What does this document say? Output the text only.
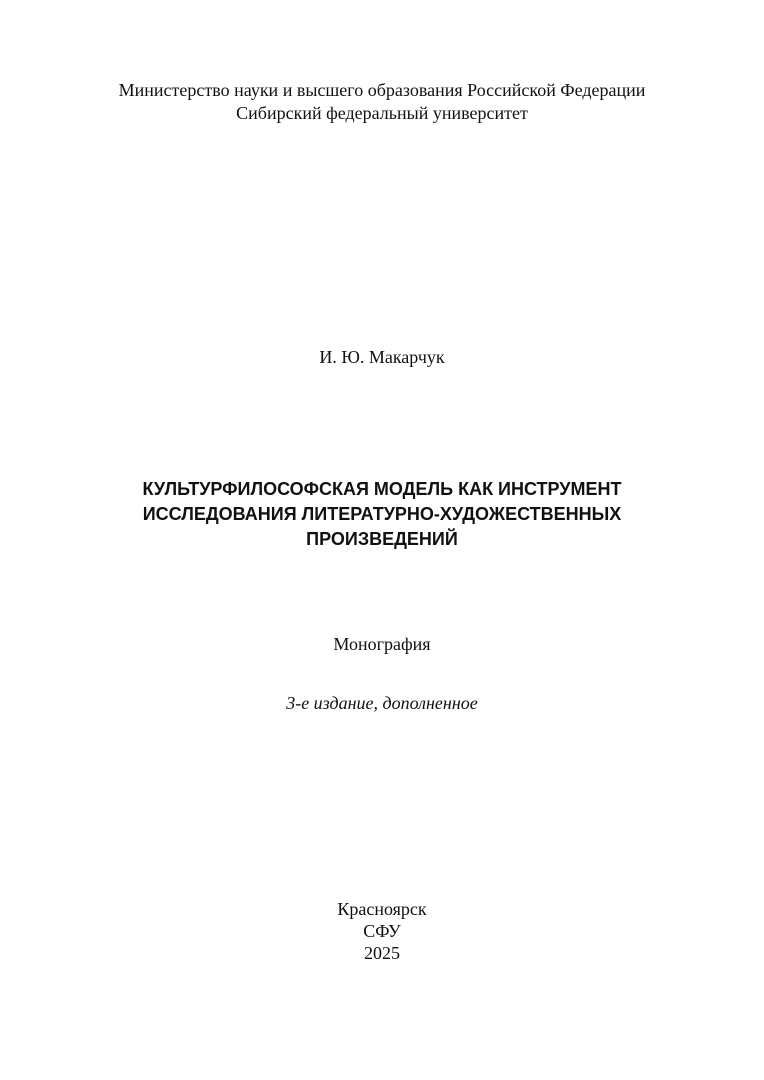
Министерство науки и высшего образования Российской Федерации
Сибирский федеральный университет
И. Ю. Макарчук
КУЛЬТУРФИЛОСОФСКАЯ МОДЕЛЬ КАК ИНСТРУМЕНТ
ИССЛЕДОВАНИЯ ЛИТЕРАТУРНО-ХУДОЖЕСТВЕННЫХ
ПРОИЗВЕДЕНИЙ
Монография
3-е издание, дополненное
Красноярск
СФУ
2025
